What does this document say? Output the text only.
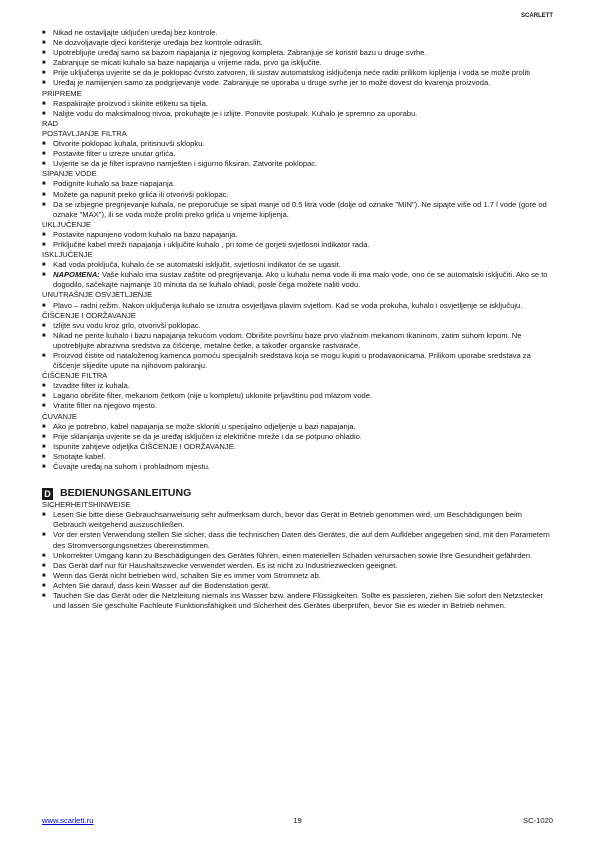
SCARLETT
■ Nikad ne ostavljajte uključen uređaj bez kontrole.
■ Ne dozvoljavajte djeci korištenje uređaja bez kontrole odraslih.
■ Upotrebljujte uređaj samo sa bazom napajanja iz njegovog kompleta. Zabranjuje se koristit bazu u druge svrhe.
■ Zabranjuje se micati kuhalo sa baze napajanja u vrijeme rada, prvo ga isključite.
■ Prije uključenja uvjerite se da je poklopac čvrsto zatvoren, ili sustav automatskog isključenja neće raditi prilikom kipljenja i voda se može proliti
■ Uređaj je namijenjen samo za podgrijevanje vode. Zabranjuje se uporaba u druge svrhe jer to može dovest do kvarenja proizvoda.
PRIPREME
■ Raspakirajte proizvod i skinite etiketu sa tijela.
■ Nalijte vodu do maksimalnog nivoa, prokuhajte je i izlijte. Ponovite postupak. Kuhalo je spremno za uporabu.
RAD
POSTAVLJANJE FILTRA
■ Otvorite poklopac kuhala, pritisnuvši sklopku.
■ Postavite filter u izreze unutar grlića.
■ Uvjerite se da je filter ispravno namješten i sigurno fiksiran. Zatvorite poklopac.
SIPANJE VODE
■ Podignite kuhalo sa baze napajanja.
■ Možete ga napunit preko grlića ili otvorivši poklopac.
■ Da se izbjegne pregrijevanje kuhala, ne preporučuje se sipat manje od 0.5 litra vode (dolje od oznake "MIN"). Ne sipajte više od 1.7 l vode (gore od oznake "MAX"), ili se voda može proliti preko grlića u vrijeme kipljenja.
UKLJUČENJE
■ Postavite napunjeno vodom kuhalo na bazu napajanja.
■ Priključite kabel mreži napajanja i uključite kuhalo , pri tome će gorjeti svjetlosni indikator rada.
ISKLJUČENJE
■ Kad voda proključa, kuhalo će se automatski isključit, svjetlosni indikator će se ugasit.
■ NAPOMENA: Vaše kuhalo ima sustav zaštite od pregrijevanja. Ako u kuhalu nema vode ili ima malo vode, ono će se automatski isključiti. Ako se to dogodilo, sačekajte najmanje 10 minuta da se kuhalo ohladi, posle čega možete naliti vodu.
UNUTRAŠNJE OSVJETLJENJE
■ Plavo – radni režim. Nakon uključenja kuhalo se iznutra osvjetljava plavim svjetlom. Kad se voda prokuha, kuhalo i osvjetljenje se isključuju.
ČIŠĆENJE I ODRŽAVANJE
■ Izlijte svu vodu kroz grlo, otvorivši poklopac.
■ Nikad ne perite kuhalo i bazu napajanja tekućom vodom. Obrišite površinu baze prvo vlažnom mekanom tkaninom, zatim suhom krpom. Ne upotrebljujte abrazivna sredstva za čišćenje, metalne četke, a također organske rastvarače.
■ Proizvod čistite od nataloženog kamenca pomoću specijalnih sredstava koja se mogu kupiti u prodavaonicama. Prilikom uporabe sredstava za čišćenje slijedite upute na njihovom pakiranju.
ČIŠĆENJE FILTRA
■ Izvadite filter iz kuhala.
■ Lagano obrišite filter, mekanom četkom (nije u kompletu) uklonite prljavštinu pod mlazom vode.
■ Vratite filter na njegovo mjesto.
ČUVANJE
■ Ako je potrebno, kabel napajanja se može skloniti u specijalno odjeljenje u bazi napajanja.
■ Prije sklanjanja uvjerite se da je uređaj isključen iz električne mreže i da se potpuno ohladio.
■ Ispunite zahtjeve odjeljka ČIŠĆENJE I ODRŽAVANJE.
■ Smotajte kabel.
■ Čuvajte uređaj na suhom i prohladnom mjestu.
D BEDIENUNGSANLEITUNG
SICHERHEITSHINWEISE
■ Lesen Sie bitte diese Gebrauchsanweisung sehr aufmerksam durch, bevor das Gerät in Betrieb genommen wird, um Beschädigungen beim Gebrauch weitgehend auszuschließen.
■ Vor der ersten Verwendung stellen Sie sicher, dass die technischen Daten des Gerätes, die auf dem Aufkleber angegeben sind, mit den Parametern des Stromversorgungsnetzes übereinstimmen.
■ Unkorrekter Umgang kann zu Beschädigungen des Gerätes führen, einen materiellen Schaden verursachen sowie Ihre Gesundheit gefährden.
■ Das Gerät darf nur für Haushaltszwecke verwendet werden. Es ist nicht zu Industriezwecken geeignet.
■ Wenn das Gerät nicht betrieben wird, schalten Sie es immer vom Stromnetz ab.
■ Achten Sie darauf, dass kein Wasser auf die Bodenstation gerät.
■ Tauchen Sie das Gerät oder die Netzleitung niemals ins Wasser bzw. andere Flüssigkeiten. Sollte es passieren, ziehen Sie sofort den Netzstecker und lassen Sie geschulte Fachleute Funktionsfähigkeit und Sicherheit des Gerätes überprüfen, bevor Sie es wieder in Betrieb nehmen.
www.scarlett.ru	19	SC-1020
